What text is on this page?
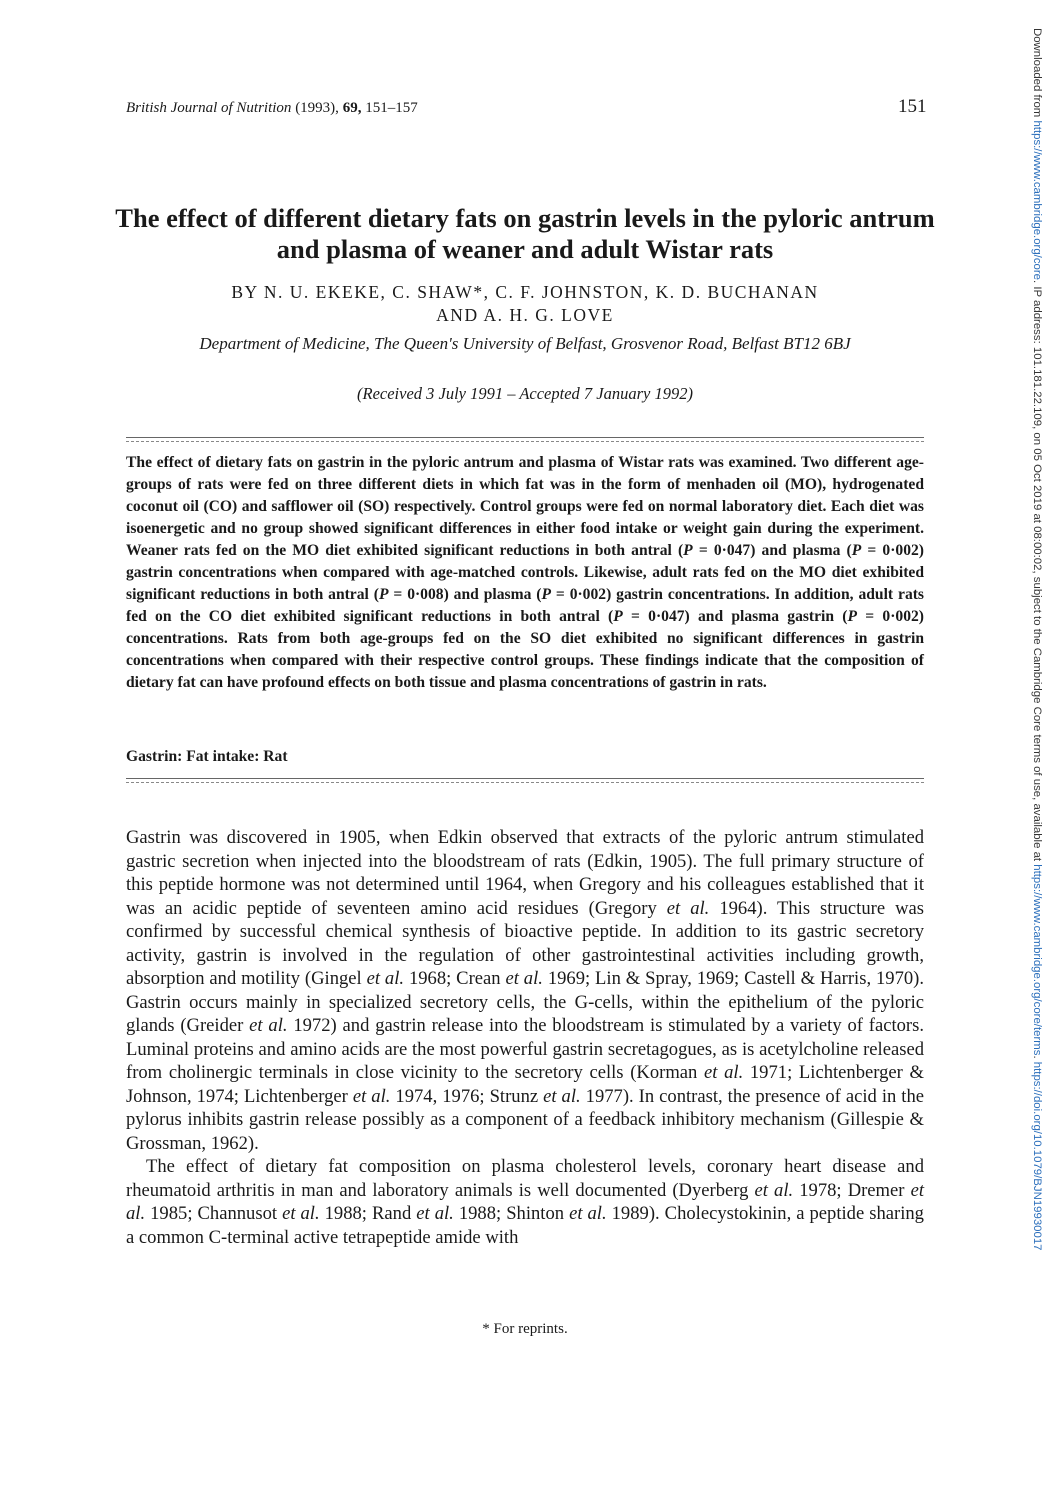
British Journal of Nutrition (1993), 69, 151–157	151
The effect of different dietary fats on gastrin levels in the pyloric antrum and plasma of weaner and adult Wistar rats
BY N. U. EKEKE, C. SHAW*, C. F. JOHNSTON, K. D. BUCHANAN
AND A. H. G. LOVE
Department of Medicine, The Queen's University of Belfast, Grosvenor Road, Belfast BT12 6BJ
(Received 3 July 1991 – Accepted 7 January 1992)
The effect of dietary fats on gastrin in the pyloric antrum and plasma of Wistar rats was examined. Two different age-groups of rats were fed on three different diets in which fat was in the form of menhaden oil (MO), hydrogenated coconut oil (CO) and safflower oil (SO) respectively. Control groups were fed on normal laboratory diet. Each diet was isoenergetic and no group showed significant differences in either food intake or weight gain during the experiment. Weaner rats fed on the MO diet exhibited significant reductions in both antral (P = 0·047) and plasma (P = 0·002) gastrin concentrations when compared with age-matched controls. Likewise, adult rats fed on the MO diet exhibited significant reductions in both antral (P = 0·008) and plasma (P = 0·002) gastrin concentrations. In addition, adult rats fed on the CO diet exhibited significant reductions in both antral (P = 0·047) and plasma gastrin (P = 0·002) concentrations. Rats from both age-groups fed on the SO diet exhibited no significant differences in gastrin concentrations when compared with their respective control groups. These findings indicate that the composition of dietary fat can have profound effects on both tissue and plasma concentrations of gastrin in rats.
Gastrin: Fat intake: Rat

Gastrin was discovered in 1905, when Edkin observed that extracts of the pyloric antrum stimulated gastric secretion when injected into the bloodstream of rats (Edkin, 1905). The full primary structure of this peptide hormone was not determined until 1964, when Gregory and his colleagues established that it was an acidic peptide of seventeen amino acid residues (Gregory et al. 1964). This structure was confirmed by successful chemical synthesis of bioactive peptide. In addition to its gastric secretory activity, gastrin is involved in the regulation of other gastrointestinal activities including growth, absorption and motility (Gingel et al. 1968; Crean et al. 1969; Lin & Spray, 1969; Castell & Harris, 1970). Gastrin occurs mainly in specialized secretory cells, the G-cells, within the epithelium of the pyloric glands (Greider et al. 1972) and gastrin release into the bloodstream is stimulated by a variety of factors. Luminal proteins and amino acids are the most powerful gastrin secretagogues, as is acetylcholine released from cholinergic terminals in close vicinity to the secretory cells (Korman et al. 1971; Lichtenberger & Johnson, 1974; Lichtenberger et al. 1974, 1976; Strunz et al. 1977). In contrast, the presence of acid in the pylorus inhibits gastrin release possibly as a component of a feedback inhibitory mechanism (Gillespie & Grossman, 1962).

The effect of dietary fat composition on plasma cholesterol levels, coronary heart disease and rheumatoid arthritis in man and laboratory animals is well documented (Dyerberg et al. 1978; Dremer et al. 1985; Channusot et al. 1988; Rand et al. 1988; Shinton et al. 1989). Cholecystokinin, a peptide sharing a common C-terminal active tetrapeptide amide with

* For reprints.
Downloaded from https://www.cambridge.org/core. IP address: 101.181.22.109, on 05 Oct 2019 at 08:00:02, subject to the Cambridge Core terms of use, available at https://www.cambridge.org/core/terms. https://doi.org/10.1079/BJN19930017
